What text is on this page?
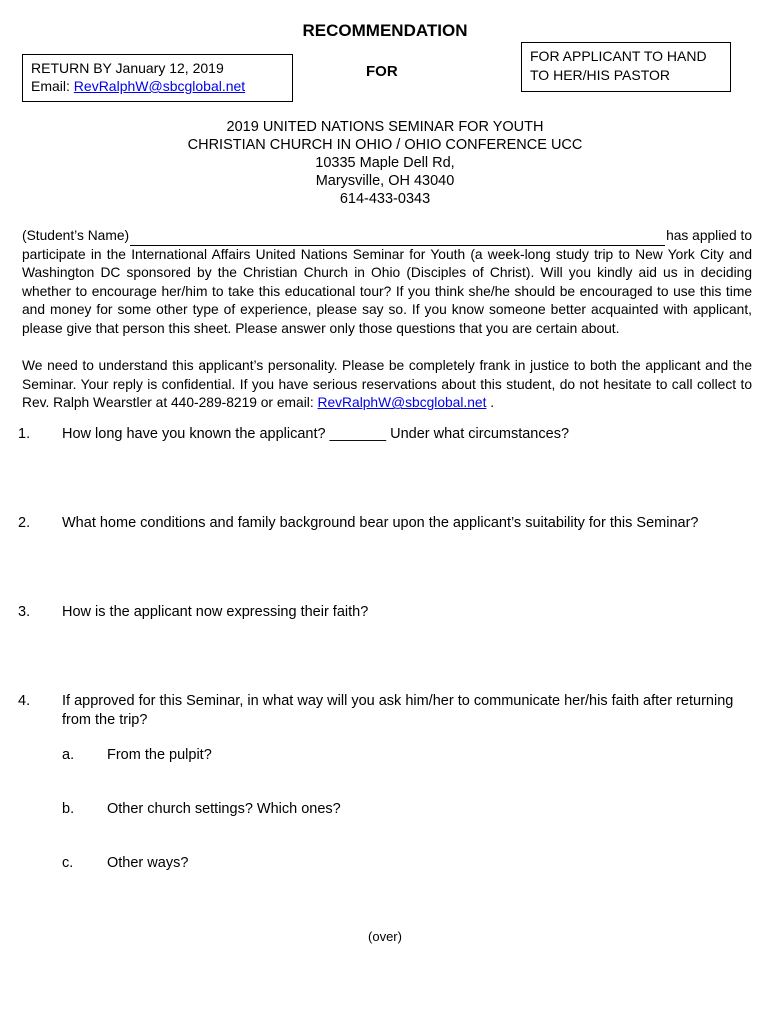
RECOMMENDATION
RETURN BY January 12, 2019
Email: RevRalphW@sbcglobal.net
FOR
FOR APPLICANT TO HAND
TO HER/HIS PASTOR
2019 UNITED NATIONS SEMINAR FOR YOUTH
CHRISTIAN CHURCH IN OHIO / OHIO CONFERENCE UCC
10335 Maple Dell Rd,
Marysville, OH 43040
614-433-0343
(Student’s Name)	has applied to
participate in the International Affairs United Nations Seminar for Youth (a week-long study trip to New York City and Washington DC sponsored by the Christian Church in Ohio (Disciples of Christ). Will you kindly aid us in deciding whether to encourage her/him to take this educational tour? If you think she/he should be encouraged to use this time and money for some other type of experience, please say so. If you know someone better acquainted with applicant, please give that person this sheet. Please answer only those questions that you are certain about.
We need to understand this applicant’s personality. Please be completely frank in justice to both the applicant and the Seminar. Your reply is confidential. If you have serious reservations about this student, do not hesitate to call collect to Rev. Ralph Wearstler at 440-289-8219 or email: RevRalphW@sbcglobal.net .
1. How long have you known the applicant? _______ Under what circumstances?
2. What home conditions and family background bear upon the applicant’s suitability for this Seminar?
3. How is the applicant now expressing their faith?
4. If approved for this Seminar, in what way will you ask him/her to communicate her/his faith after returning from the trip?
a. From the pulpit?
b. Other church settings? Which ones?
c. Other ways?
(over)
